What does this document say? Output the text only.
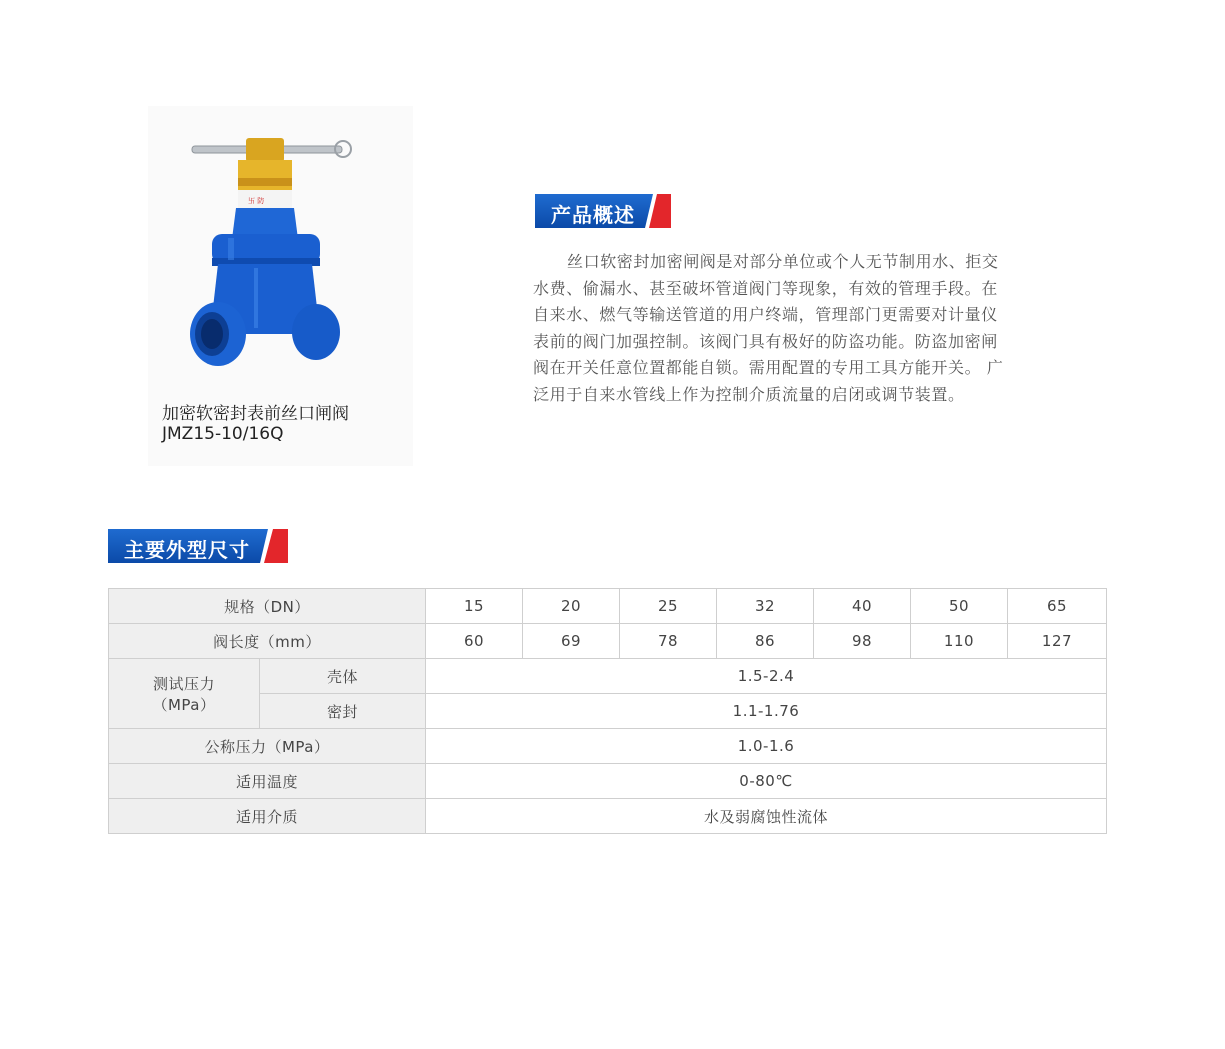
卐 防
加密软密封表前丝口闸阀
JMZ15-10/16Q
产品概述
丝口软密封加密闸阀是对部分单位或个人无节制用水、拒交水费、偷漏水、甚至破坏管道阀门等现象，有效的管理手段。在自来水、燃气等输送管道的用户终端，管理部门更需要对计量仪表前的阀门加强控制。该阀门具有极好的防盗功能。防盗加密闸阀在开关任意位置都能自锁。需用配置的专用工具方能开关。 广泛用于自来水管线上作为控制介质流量的启闭或调节装置。
主要外型尺寸
规格（DN）		15	20	25	32	40	50	65
阀长度（mm）		60	69	78	86	98	110	127

测试压力
（MPa）	壳体	1.5-2.4						
	密封	1.1-1.76						
公称压力（MPa）		1.0-1.6						
适用温度		0-80℃						
适用介质		水及弱腐蚀性流体						
